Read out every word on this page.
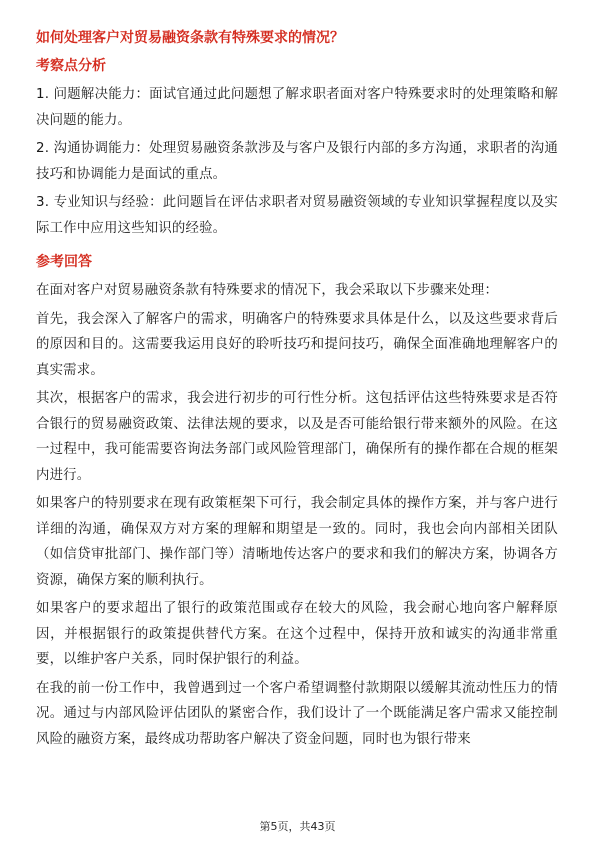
如何处理客户对贸易融资条款有特殊要求的情况？
考察点分析
1. 问题解决能力：面试官通过此问题想了解求职者面对客户特殊要求时的处理策略和解决问题的能力。
2. 沟通协调能力：处理贸易融资条款涉及与客户及银行内部的多方沟通，求职者的沟通技巧和协调能力是面试的重点。
3. 专业知识与经验：此问题旨在评估求职者对贸易融资领域的专业知识掌握程度以及实际工作中应用这些知识的经验。
参考回答
在面对客户对贸易融资条款有特殊要求的情况下，我会采取以下步骤来处理：
首先，我会深入了解客户的需求，明确客户的特殊要求具体是什么，以及这些要求背后的原因和目的。这需要我运用良好的聆听技巧和提问技巧，确保全面准确地理解客户的真实需求。
其次，根据客户的需求，我会进行初步的可行性分析。这包括评估这些特殊要求是否符合银行的贸易融资政策、法律法规的要求，以及是否可能给银行带来额外的风险。在这一过程中，我可能需要咨询法务部门或风险管理部门，确保所有的操作都在合规的框架内进行。
如果客户的特别要求在现有政策框架下可行，我会制定具体的操作方案，并与客户进行详细的沟通，确保双方对方案的理解和期望是一致的。同时，我也会向内部相关团队（如信贷审批部门、操作部门等）清晰地传达客户的要求和我们的解决方案，协调各方资源，确保方案的顺利执行。
如果客户的要求超出了银行的政策范围或存在较大的风险，我会耐心地向客户解释原因，并根据银行的政策提供替代方案。在这个过程中，保持开放和诚实的沟通非常重要，以维护客户关系，同时保护银行的利益。
在我的前一份工作中，我曾遇到过一个客户希望调整付款期限以缓解其流动性压力的情况。通过与内部风险评估团队的紧密合作，我们设计了一个既能满足客户需求又能控制风险的融资方案，最终成功帮助客户解决了资金问题，同时也为银行带来
第5页，共43页
